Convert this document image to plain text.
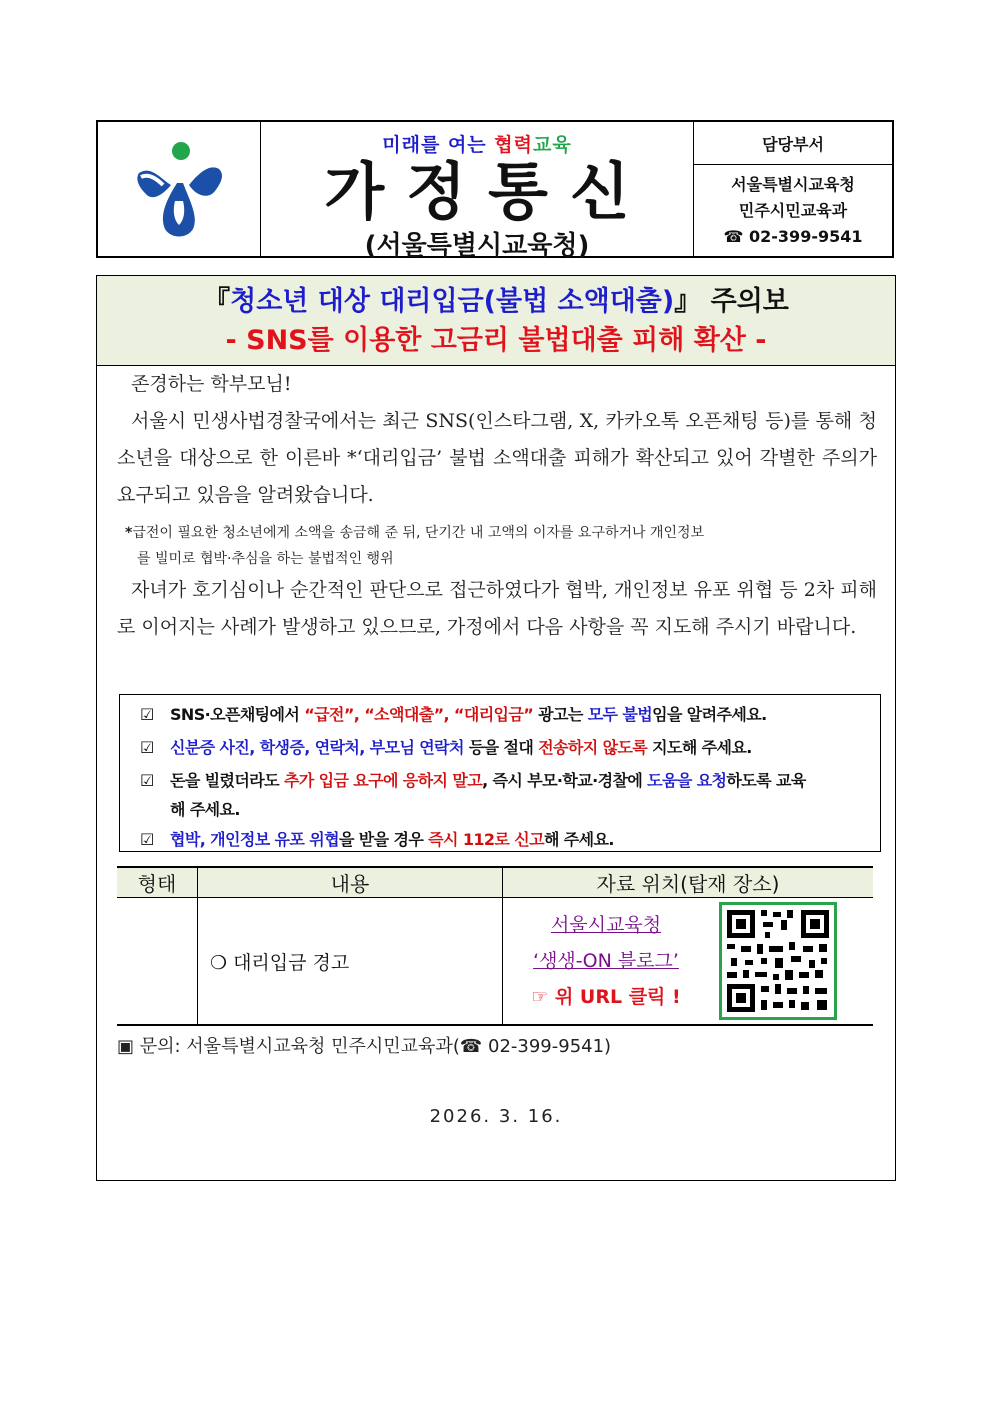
미래를 여는 협력교육
가정통신
(서울특별시교육청)
담당부서
서울특별시교육청
민주시민교육과
☎ 02-399-9541
『청소년 대상 대리입금(불법 소액대출)』 주의보
- SNS를 이용한 고금리 불법대출 피해 확산 -

존경하는 학부모님!

서울시 민생사법경찰국에서는 최근 SNS(인스타그램, X, 카카오톡 오픈채팅 등)를 통해 청소년을 대상으로 한 이른바 *‘대리입금’ 불법 소액대출 피해가 확산되고 있어 각별한 주의가 요구되고 있음을 알려왔습니다.

*급전이 필요한 청소년에게 소액을 송금해 준 뒤, 단기간 내 고액의 이자를 요구하거나 개인정보
를 빌미로 협박·추심을 하는 불법적인 행위

자녀가 호기심이나 순간적인 판단으로 접근하였다가 협박, 개인정보 유포 위협 등 2차 피해로 이어지는 사례가 발생하고 있으므로, 가정에서 다음 사항을 꼭 지도해 주시기 바랍니다.

☑	SNS·오픈채팅에서 “급전”, “소액대출”, “대리입금” 광고는 모두 불법임을 알려주세요.
☑	신분증 사진, 학생증, 연락처, 부모님 연락처 등을 절대 전송하지 않도록 지도해 주세요.
☑	돈을 빌렸더라도 추가 입금 요구에 응하지 말고, 즉시 부모·학교·경찰에 도움을 요청하도록 교육
해 주세요.
☑	협박, 개인정보 유포 위협을 받을 경우 즉시 112로 신고해 주세요.
형태	내용	자료 위치(탑재 장소)
	❍ 대리입금 경고	서울시교육청
‘생생-ON 블로그’
☞ 위 URL 클릭 !
▣ 문의: 서울특별시교육청 민주시민교육과(☎ 02-399-9541)
2026. 3. 16.
